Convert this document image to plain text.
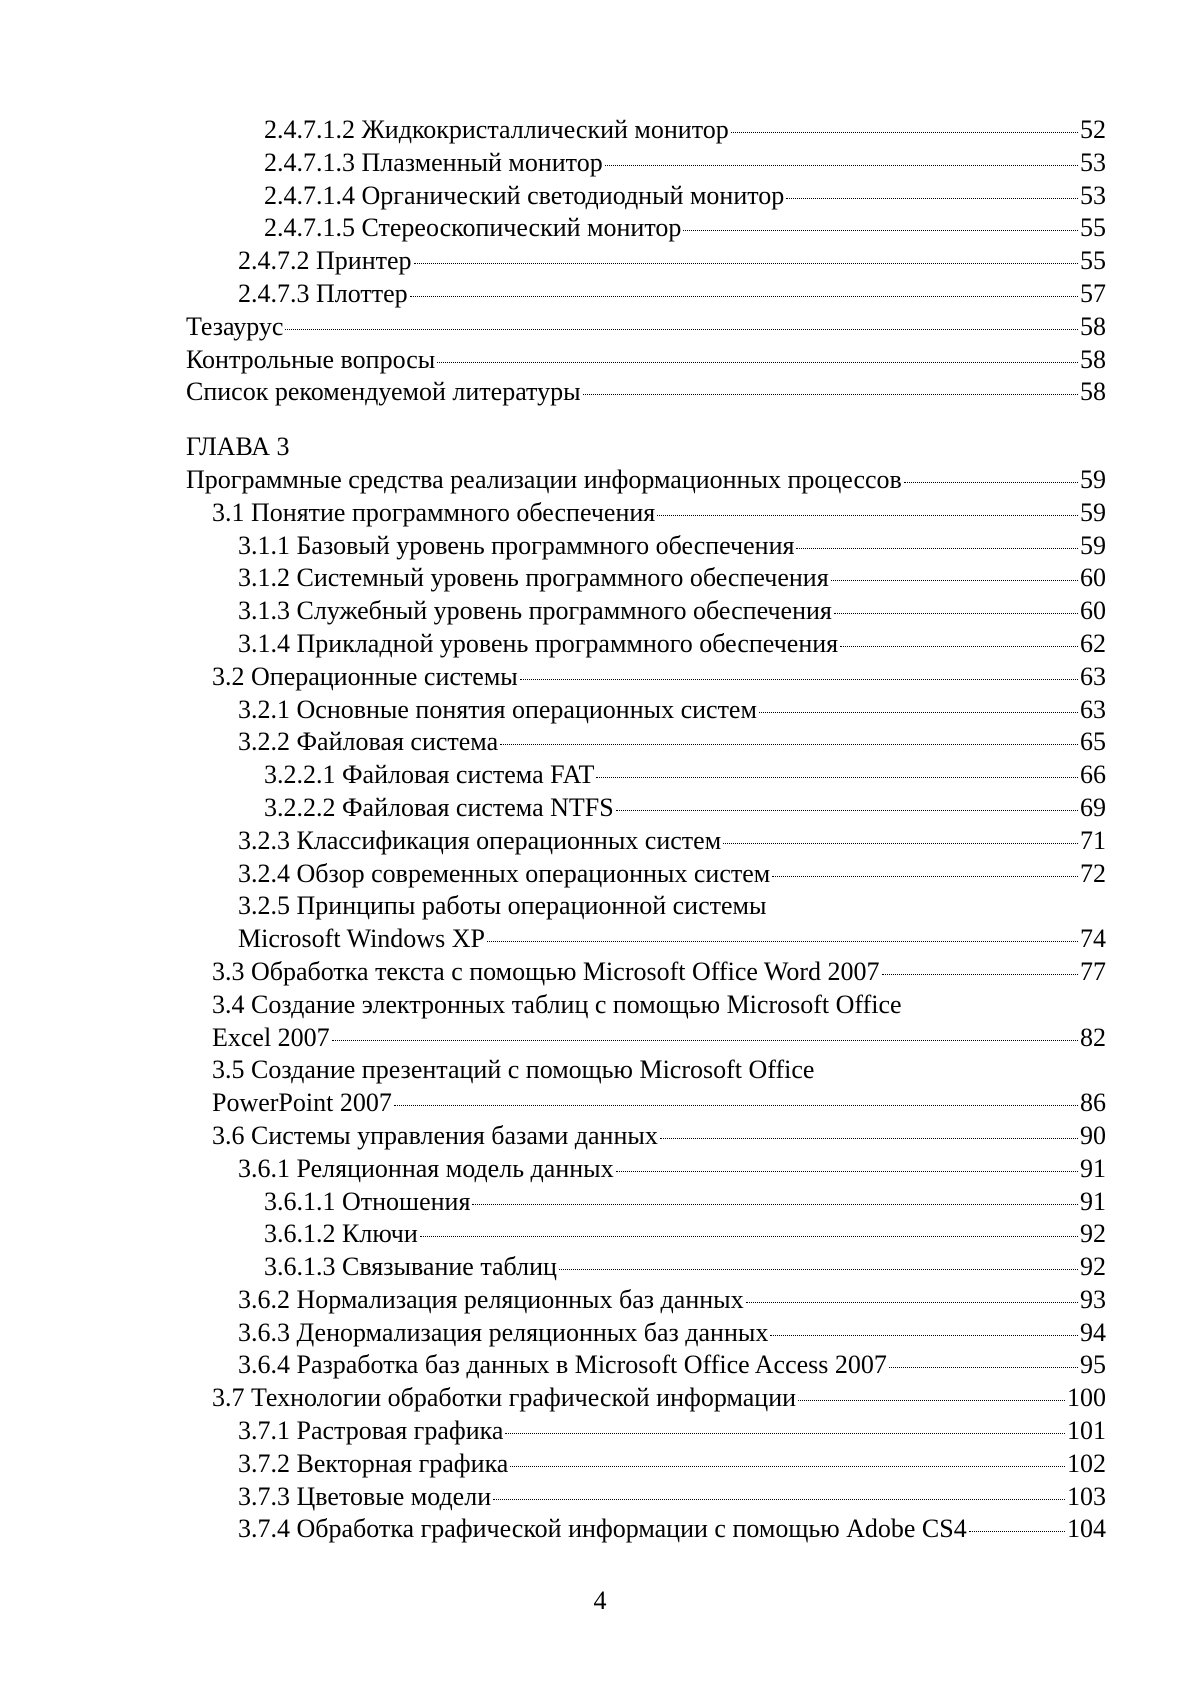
2.4.7.1.2 Жидкокристаллический монитор	52
2.4.7.1.3 Плазменный монитор	53
2.4.7.1.4 Органический светодиодный монитор	53
2.4.7.1.5 Стереоскопический монитор	55
2.4.7.2 Принтер	55
2.4.7.3 Плоттер	57
Тезаурус	58
Контрольные вопросы	58
Список рекомендуемой литературы	58
ГЛАВА 3
Программные средства реализации информационных процессов	59
3.1 Понятие программного обеспечения	59
3.1.1 Базовый уровень программного обеспечения	59
3.1.2 Системный уровень программного обеспечения	60
3.1.3 Служебный уровень программного обеспечения	60
3.1.4 Прикладной уровень программного обеспечения	62
3.2 Операционные системы	63
3.2.1 Основные понятия операционных систем	63
3.2.2 Файловая система	65
3.2.2.1 Файловая система FAT	66
3.2.2.2 Файловая система NTFS	69
3.2.3 Классификация операционных систем	71
3.2.4 Обзор современных операционных систем	72
3.2.5 Принципы работы операционной системы
Microsoft Windows XP	74
3.3 Обработка текста с помощью Microsoft Office Word 2007	77
3.4 Создание электронных таблиц с помощью Microsoft Office
Excel 2007	82
3.5 Создание презентаций с помощью Microsoft Office
PowerPoint 2007	86
3.6 Системы управления базами данных	90
3.6.1 Реляционная модель данных	91
3.6.1.1 Отношения	91
3.6.1.2 Ключи	92
3.6.1.3 Связывание таблиц	92
3.6.2 Нормализация реляционных баз данных	93
3.6.3 Денормализация реляционных баз данных	94
3.6.4 Разработка баз данных в Microsoft Office Access 2007	95
3.7 Технологии обработки графической информации	100
3.7.1 Растровая графика	101
3.7.2 Векторная графика	102
3.7.3 Цветовые модели	103
3.7.4 Обработка графической информации с помощью Adobe CS4	104
4
